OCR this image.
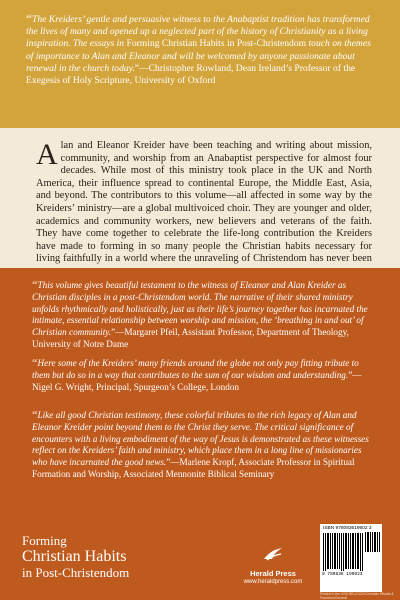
“The Kreiders’ gentle and persuasive witness to the Anabaptist tradition has transformed the lives of many and opened up a neglected part of the history of Christianity as a living inspiration. The essays in Forming Christian Habits in Post-Christendom touch on themes of importance to Alan and Eleanor and will be welcomed by anyone passionate about renewal in the church today.”—Christopher Rowland, Dean Ireland’s Professor of the Exegesis of Holy Scripture, University of Oxford
Alan and Eleanor Kreider have been teaching and writing about mission, community, and worship from an Anabaptist perspective for almost four decades. While most of this ministry took place in the UK and North America, their influence spread to continental Europe, the Middle East, Asia, and beyond. The contributors to this volume—all affected in some way by the Kreiders’ ministry—are a global multivoiced choir. They are younger and older, academics and community workers, new believers and veterans of the faith. They have come together to celebrate the life-long contribution the Kreiders have made to forming in so many people the Christian habits necessary for living faithfully in a world where the unraveling of Christendom has never been
“This volume gives beautiful testament to the witness of Eleanor and Alan Kreider as Christian disciples in a post-Christendom world. The narrative of their shared ministry unfolds rhythmically and holistically, just as their life’s journey together has incarnated the intimate, essential relationship between worship and mission, the ‘breathing in and out’ of Christian community.”—Margaret Pfeil, Assistant Professor, Department of Theology, University of Notre Dame
“Here some of the Kreiders’ many friends around the globe not only pay fitting tribute to them but do so in a way that contributes to the sum of our wisdom and understanding.”—Nigel G. Wright, Principal, Spurgeon’s College, London
“Like all good Christian testimony, these colorful tributes to the rich legacy of Alan and Eleanor Kreider point beyond them to the Christ they serve. The critical significance of encounters with a living embodiment of the way of Jesus is demonstrated as these witnesses reflect on the Kreiders’ faith and ministry, which place them in a long line of missionaries who have incarnated the good news.”—Marlene Kropf, Associate Professor in Spiritual Formation and Worship, Associated Mennonite Biblical Seminary
Forming
Christian Habits
in Post-Christendom	Herald Press
www.heraldpress.com
ISBN 978083619602 3
9 780836 196023
Printed in the USA RELIGION/Christian Rituals & Practices/General
